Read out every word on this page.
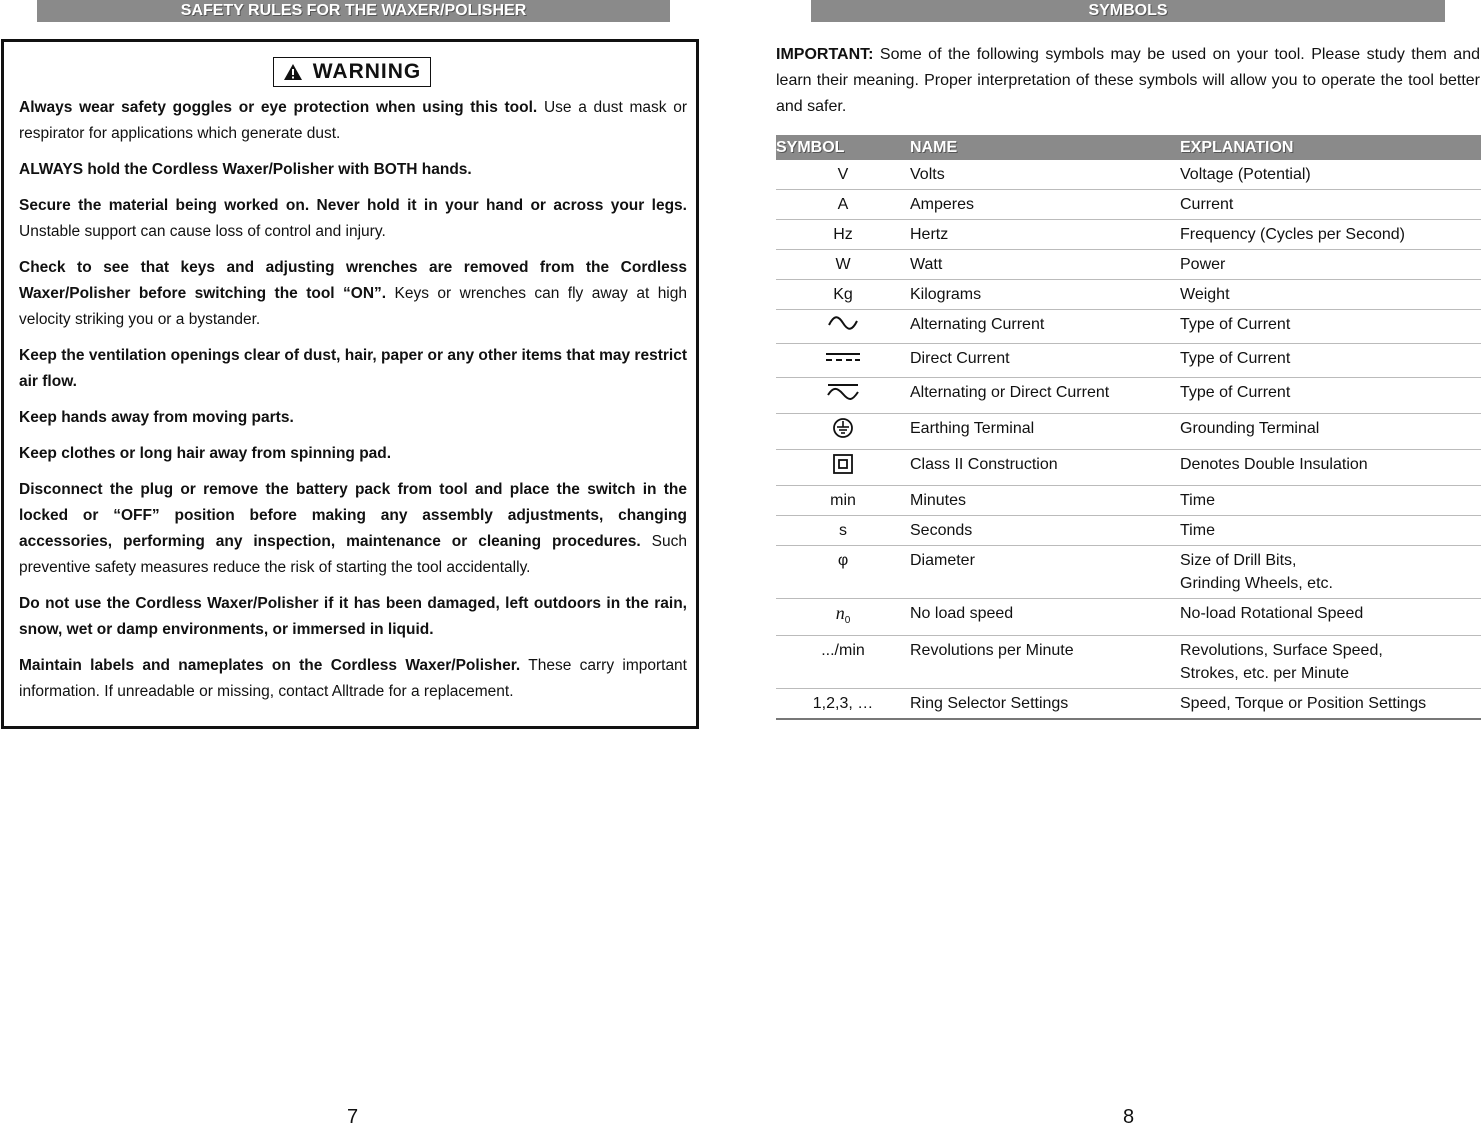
SAFETY RULES FOR THE WAXER/POLISHER	SYMBOLS
WARNING

Always wear safety goggles or eye protection when using this tool. Use a dust mask or respirator for applications which generate dust.

ALWAYS hold the Cordless Waxer/Polisher with BOTH hands.

Secure the material being worked on. Never hold it in your hand or across your legs. Unstable support can cause loss of control and injury.

Check to see that keys and adjusting wrenches are removed from the Cordless Waxer/Polisher before switching the tool “ON”. Keys or wrenches can fly away at high velocity striking you or a bystander.

Keep the ventilation openings clear of dust, hair, paper or any other items that may restrict air flow.

Keep hands away from moving parts.

Keep clothes or long hair away from spinning pad.

Disconnect the plug or remove the battery pack from tool and place the switch in the locked or “OFF” position before making any assembly adjustments, changing accessories, performing any inspection, maintenance or cleaning procedures. Such preventive safety measures reduce the risk of starting the tool accidentally.

Do not use the Cordless Waxer/Polisher if it has been damaged, left outdoors in the rain, snow, wet or damp environments, or immersed in liquid.

Maintain labels and nameplates on the Cordless Waxer/Polisher. These carry important information. If unreadable or missing, contact Alltrade for a replacement.

IMPORTANT: Some of the following symbols may be used on your tool. Please study them and learn their meaning. Proper interpretation of these symbols will allow you to operate the tool better and safer.
SYMBOL	NAME	EXPLANATION
V	Volts	Voltage (Potential)

A	Amperes	Current

Hz	Hertz	Frequency (Cycles per Second)

W	Watt	Power

Kg	Kilograms	Weight

	Alternating Current	Type of Current

	Direct Current	Type of Current

	Alternating or Direct Current	Type of Current

	Earthing Terminal	Grounding Terminal

	Class II Construction	Denotes Double Insulation

min	Minutes	Time

s	Seconds	Time

φ	Diameter	Size of Drill Bits,
Grinding Wheels, etc.

$n_0$	No load speed	No-load Rotational Speed

.../min	Revolutions per Minute	Revolutions, Surface Speed,
Strokes, etc. per Minute

1,2,3, …	Ring Selector Settings	Speed, Torque or Position Settings
7	8
